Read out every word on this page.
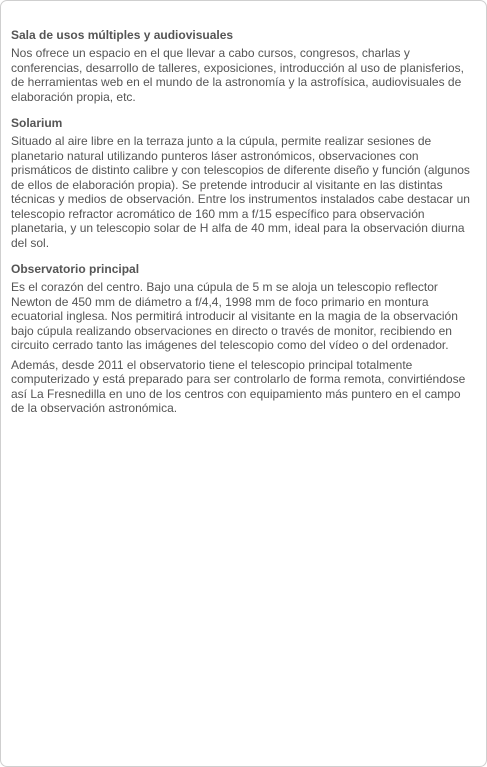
Sala de usos múltiples y audiovisuales

Nos ofrece un espacio en el que llevar a cabo cursos, congresos, charlas y conferencias, desarrollo de talleres, exposiciones, introducción al uso de planisferios, de herramientas web en el mundo de la astronomía y la astrofísica, audiovisuales de elaboración propia, etc.

Solarium

Situado al aire libre en la terraza junto a la cúpula, permite realizar sesiones de planetario natural utilizando punteros láser astronómicos, observaciones con prismáticos de distinto calibre y con telescopios de diferente diseño y función (algunos de ellos de elaboración propia). Se pretende introducir al visitante en las distintas técnicas y medios de observación. Entre los instrumentos instalados cabe destacar un telescopio refractor acromático de 160 mm a f/15 específico para observación planetaria, y un telescopio solar de H alfa de 40 mm, ideal para la observación diurna del sol.

Observatorio principal

Es el corazón del centro. Bajo una cúpula de 5 m se aloja un telescopio reflector Newton de 450 mm de diámetro a f/4,4, 1998 mm de foco primario en montura ecuatorial inglesa. Nos permitirá introducir al visitante en la magia de la observación bajo cúpula realizando observaciones en directo o través de monitor, recibiendo en circuito cerrado tanto las imágenes del telescopio como del vídeo o del ordenador.

Además, desde 2011 el observatorio tiene el telescopio principal totalmente computerizado y está preparado para ser controlarlo de forma remota, convirtiéndose así La Fresnedilla en uno de los centros con equipamiento más puntero en el campo de la observación astronómica.
